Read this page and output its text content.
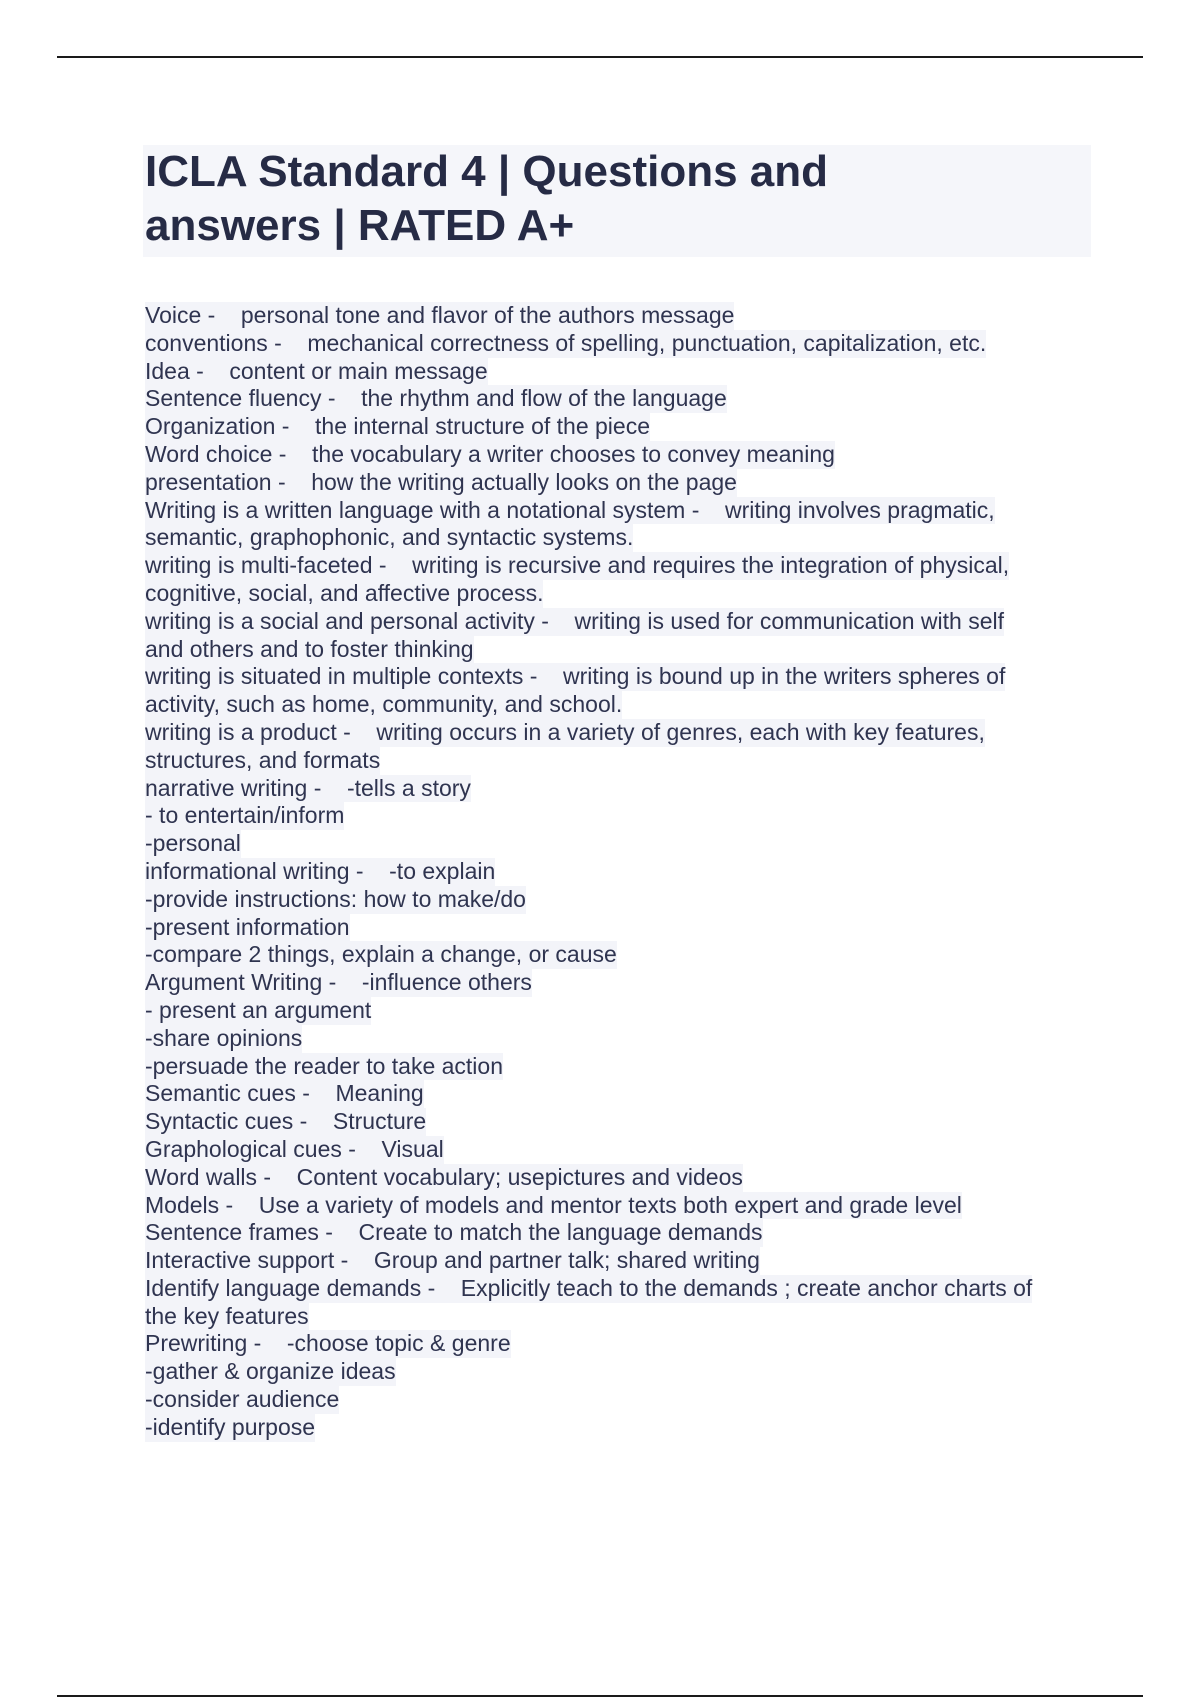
ICLA Standard 4 | Questions and
answers | RATED A+
Voice -    personal tone and flavor of the authors message
conventions -    mechanical correctness of spelling, punctuation, capitalization, etc.
Idea -    content or main message
Sentence fluency -    the rhythm and flow of the language
Organization -    the internal structure of the piece
Word choice -    the vocabulary a writer chooses to convey meaning
presentation -    how the writing actually looks on the page
Writing is a written language with a notational system -    writing involves pragmatic,
semantic, graphophonic, and syntactic systems.
writing is multi-faceted -    writing is recursive and requires the integration of physical,
cognitive, social, and affective process.
writing is a social and personal activity -    writing is used for communication with self
and others and to foster thinking
writing is situated in multiple contexts -    writing is bound up in the writers spheres of
activity, such as home, community, and school.
writing is a product -    writing occurs in a variety of genres, each with key features,
structures, and formats
narrative writing -    -tells a story
- to entertain/inform
-personal
informational writing -    -to explain
-provide instructions: how to make/do
-present information
-compare 2 things, explain a change, or cause
Argument Writing -    -influence others
- present an argument
-share opinions
-persuade the reader to take action
Semantic cues -    Meaning
Syntactic cues -    Structure
Graphological cues -    Visual
Word walls -    Content vocabulary; usepictures and videos
Models -    Use a variety of models and mentor texts both expert and grade level
Sentence frames -    Create to match the language demands
Interactive support -    Group and partner talk; shared writing
Identify language demands -    Explicitly teach to the demands ; create anchor charts of
the key features
Prewriting -    -choose topic & genre
-gather & organize ideas
-consider audience
-identify purpose
